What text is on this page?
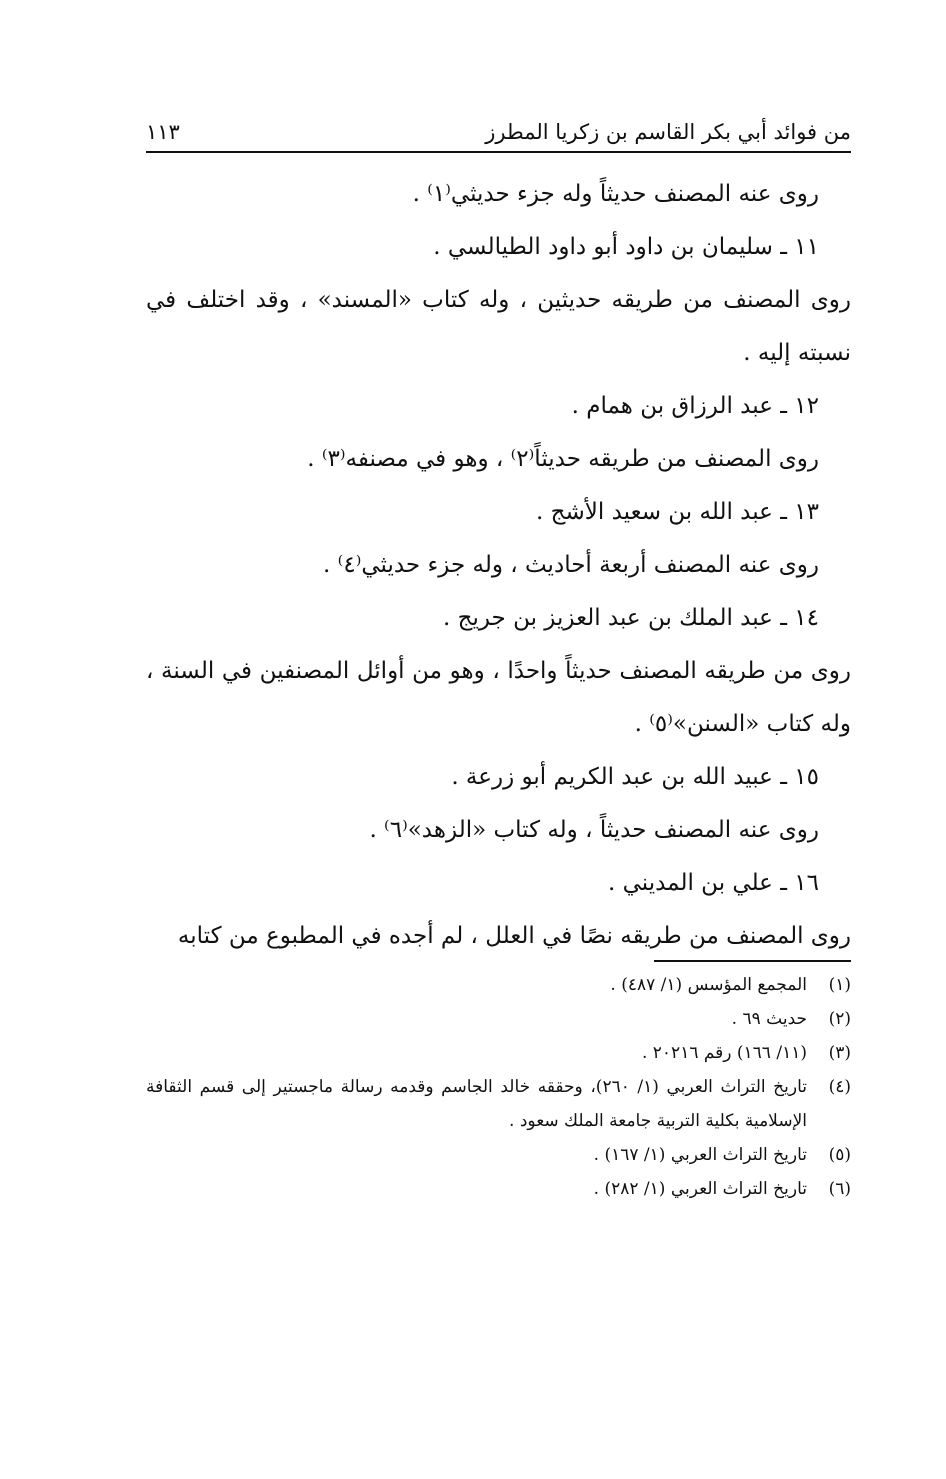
من فوائد أبي بكر القاسم بن زكريا المطرز
١١٣

روى عنه المصنف حديثاً وله جزء حديثي⁽١⁾ .

١١ ـ سليمان بن داود أبو داود الطيالسي .

روى المصنف من طريقه حديثين ، وله كتاب «المسند» ، وقد اختلف في نسبته إليه .

١٢ ـ عبد الرزاق بن همام .

روى المصنف من طريقه حديثاً⁽٢⁾ ، وهو في مصنفه⁽٣⁾ .

١٣ ـ عبد الله بن سعيد الأشج .

روى عنه المصنف أربعة أحاديث ، وله جزء حديثي⁽٤⁾ .

١٤ ـ عبد الملك بن عبد العزيز بن جريج .

روى من طريقه المصنف حديثاً واحدًا ، وهو من أوائل المصنفين في السنة ، وله كتاب «السنن»⁽٥⁾ .

١٥ ـ عبيد الله بن عبد الكريم أبو زرعة .

روى عنه المصنف حديثاً ، وله كتاب «الزهد»⁽٦⁾ .

١٦ ـ علي بن المديني .

روى المصنف من طريقه نصًا في العلل ، لم أجده في المطبوع من كتابه

(١)
المجمع المؤسس (١/ ٤٨٧) .
(٢)
حديث ٦٩ .
(٣)
(١١/ ١٦٦) رقم ٢٠٢١٦ .
(٤)
تاريخ التراث العربي (١/ ٢٦٠)، وحققه خالد الجاسم وقدمه رسالة ماجستير إلى قسم الثقافة الإسلامية بكلية التربية جامعة الملك سعود .
(٥)
تاريخ التراث العربي (١/ ١٦٧) .
(٦)
تاريخ التراث العربي (١/ ٢٨٢) .
